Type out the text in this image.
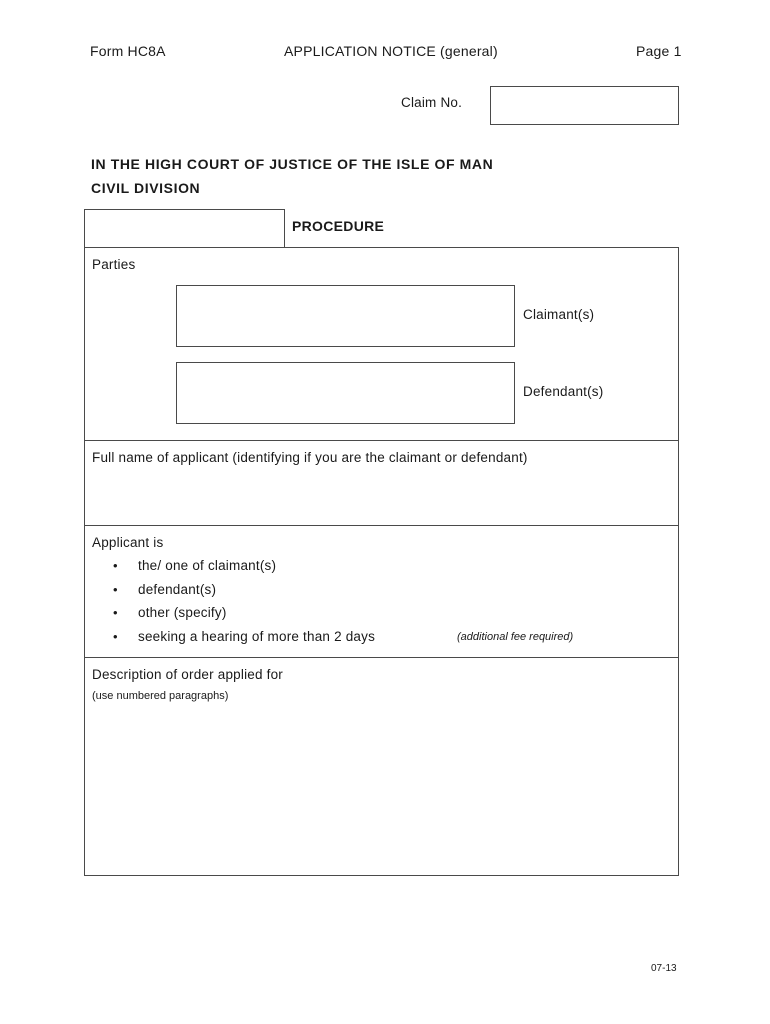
Form HC8A	APPLICATION NOTICE (general)	Page 1
Claim No.
IN THE HIGH COURT OF JUSTICE OF THE ISLE OF MAN
CIVIL DIVISION
PROCEDURE
Parties
Claimant(s)
Defendant(s)
Full name of applicant (identifying if you are the claimant or defendant)
Applicant is
• the/ one of claimant(s)
• defendant(s)
• other (specify)
• seeking a hearing of more than 2 days	(additional fee required)
Description of order applied for
(use numbered paragraphs)
07-13
